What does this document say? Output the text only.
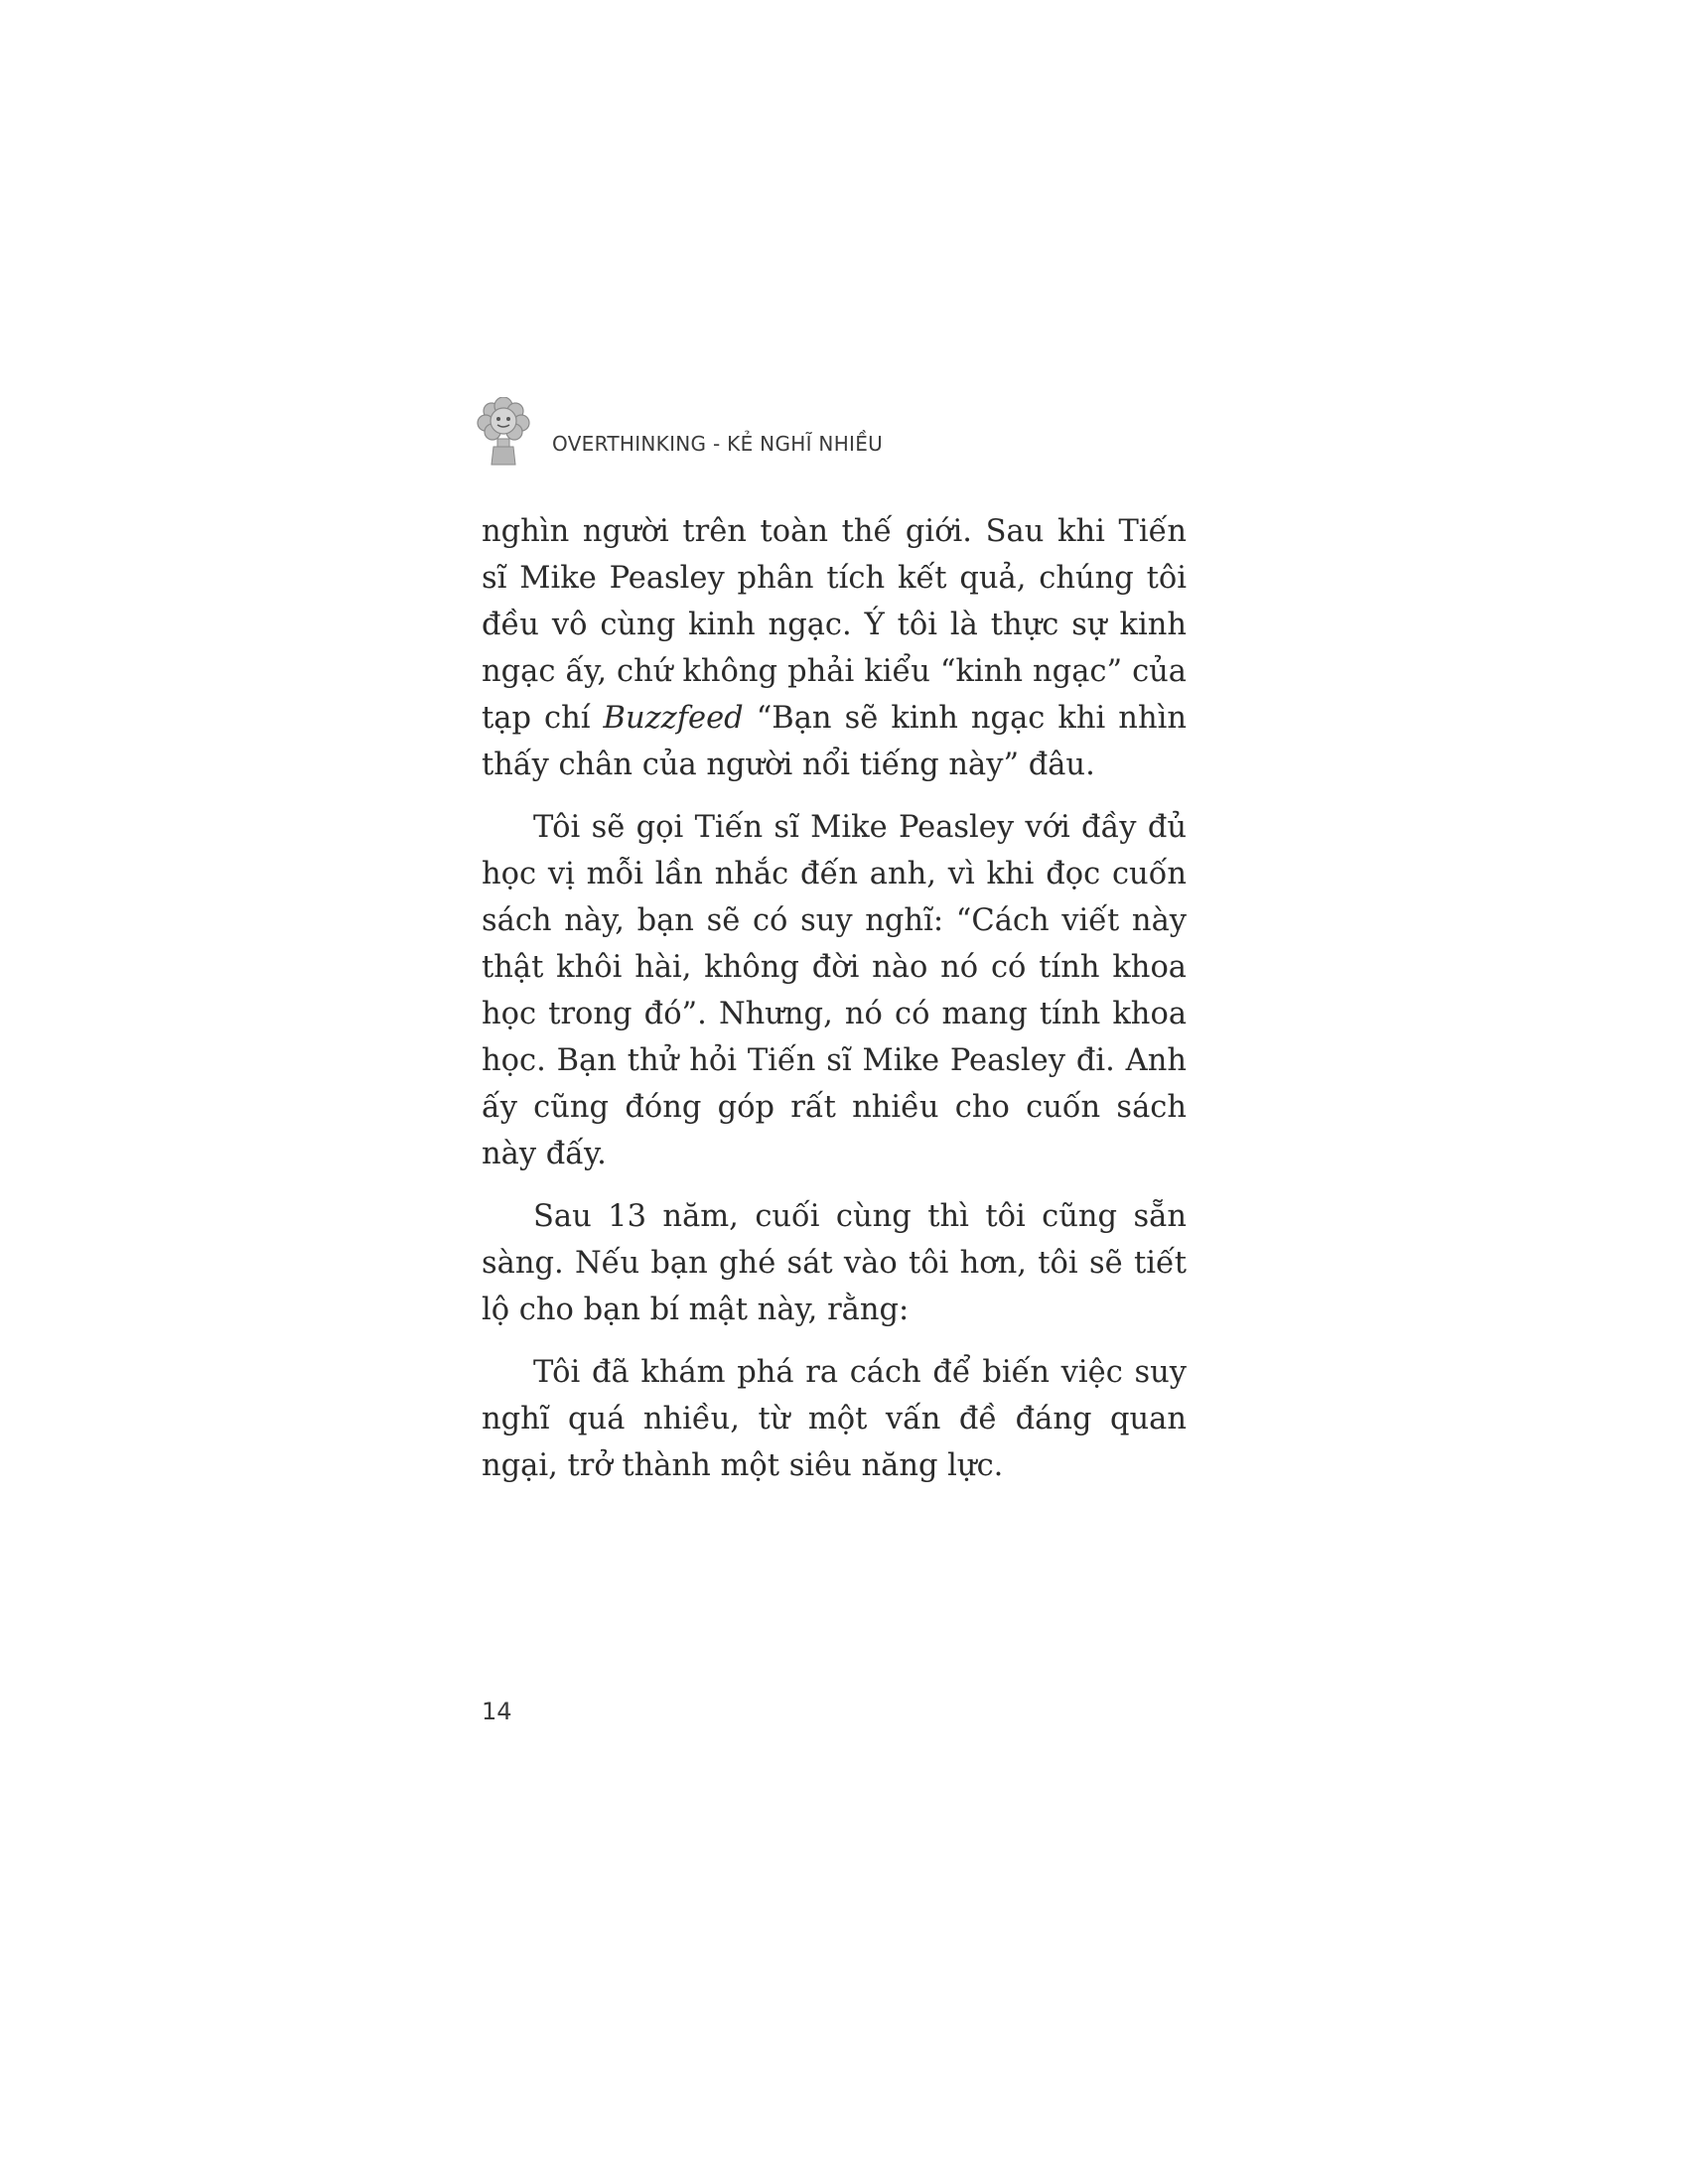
OVERTHINKING - KẺ NGHĨ NHIỀU

nghìn người trên toàn thế giới. Sau khi Tiến sĩ Mike Peasley phân tích kết quả, chúng tôi đều vô cùng kinh ngạc. Ý tôi là thực sự kinh ngạc ấy, chứ không phải kiểu “kinh ngạc” của tạp chí Buzzfeed “Bạn sẽ kinh ngạc khi nhìn thấy chân của người nổi tiếng này” đâu.

Tôi sẽ gọi Tiến sĩ Mike Peasley với đầy đủ học vị mỗi lần nhắc đến anh, vì khi đọc cuốn sách này, bạn sẽ có suy nghĩ: “Cách viết này thật khôi hài, không đời nào nó có tính khoa học trong đó”. Nhưng, nó có mang tính khoa học. Bạn thử hỏi Tiến sĩ Mike Peasley đi. Anh ấy cũng đóng góp rất nhiều cho cuốn sách này đấy.

Sau 13 năm, cuối cùng thì tôi cũng sẵn sàng. Nếu bạn ghé sát vào tôi hơn, tôi sẽ tiết lộ cho bạn bí mật này, rằng:

Tôi đã khám phá ra cách để biến việc suy nghĩ quá nhiều, từ một vấn đề đáng quan ngại, trở thành một siêu năng lực.

14
